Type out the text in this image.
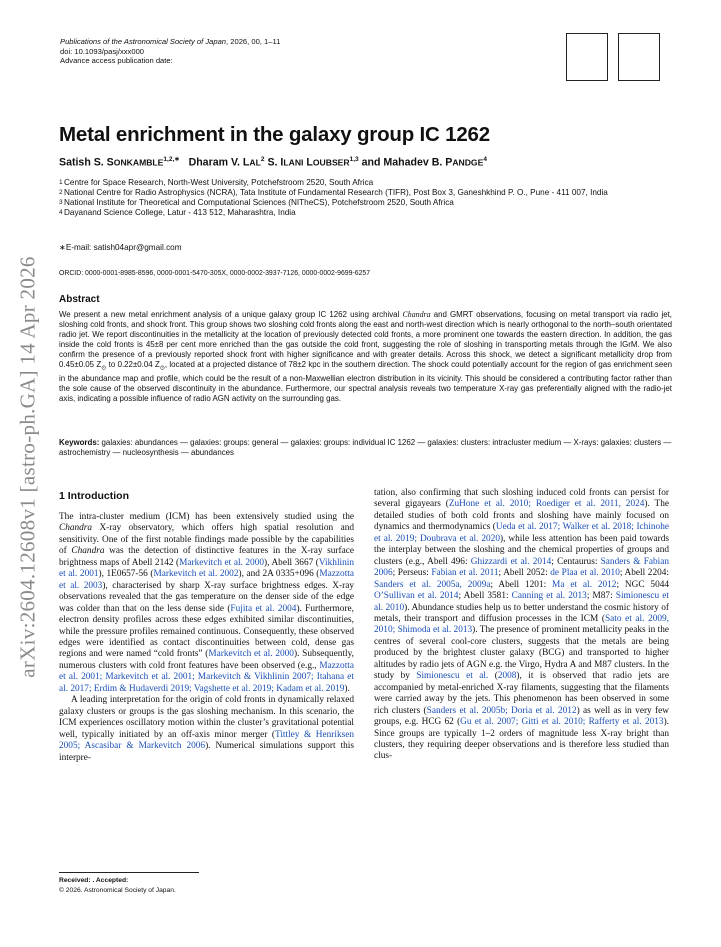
Publications of the Astronomical Society of Japan, 2026, 00, 1–11
doi: 10.1093/pasj/xxx000
Advance access publication date:
arXiv:2604.12608v1 [astro-ph.GA] 14 Apr 2026
Metal enrichment in the galaxy group IC 1262
Satish S. $SONKAMBLE^{1,2,∗}$ Dharam V. LAL$^2$ S. ILANI LOUBSER$^{1,3}$ and Mahadev B. PANDGE$^4$
1 Centre for Space Research, North-West University, Potchefstroom 2520, South Africa
2 National Centre for Radio Astrophysics (NCRA), Tata Institute of Fundamental Research (TIFR), Post Box 3, Ganeshkhind P. O., Pune - 411 007, India
3 National Institute for Theoretical and Computational Sciences (NITheCS), Potchefstroom 2520, South Africa
4 Dayanand Science College, Latur - 413 512, Maharashtra, India
∗E-mail: satish04apr@gmail.com
ORCID: 0000-0001-8985-8596, 0000-0001-5470-305X, 0000-0002-3937-7126, 0000-0002-9699-6257
Abstract
We present a new metal enrichment analysis of a unique galaxy group IC 1262 using archival Chandra and GMRT observations, focusing on metal transport via radio jet, sloshing cold fronts, and shock front. This group shows two sloshing cold fronts along the east and north-west direction which is nearly orthogonal to the north–south orientated radio jet. We report discontinuities in the metallicity at the location of previously detected cold fronts, a more prominent one towards the eastern direction. In addition, the gas inside the cold fronts is 45±8 per cent more enriched than the gas outside the cold front, suggesting the role of sloshing in transporting metals through the IGrM. We also confirm the presence of a previously reported shock front with higher significance and with greater details. Across this shock, we detect a significant metallicity drop from 0.45±0.05 $Z_⊙$ to 0.22±0.04 $Z_⊙$, located at a projected distance of 78±2 kpc in the southern direction. The shock could potentially account for the region of gas enrichment seen in the abundance map and profile, which could be the result of a non-Maxwellian electron distribution in its vicinity. This should be considered a contributing factor rather than the sole cause of the observed discontinuity in the abundance. Furthermore, our spectral analysis reveals two temperature X-ray gas preferentially aligned with the radio-jet axis, indicating a possible influence of radio AGN activity on the surrounding gas.
Keywords: galaxies: abundances — galaxies: groups: general — galaxies: groups: individual IC 1262 — galaxies: clusters: intracluster medium — X-rays: galaxies: clusters — astrochemistry — nucleosynthesis — abundances
1 Introduction

The intra-cluster medium (ICM) has been extensively studied using the Chandra X-ray observatory, which offers high spatial resolution and sensitivity. One of the first notable findings made possible by the capabilities of Chandra was the detection of distinctive features in the X-ray surface brightness maps of Abell 2142 (Markevitch et al. 2000), Abell 3667 (Vikhlinin et al. 2001), 1E0657-56 (Markevitch et al. 2002), and 2A 0335+096 (Mazzotta et al. 2003), characterised by sharp X-ray surface brightness edges. X-ray observations revealed that the gas temperature on the denser side of the edge was colder than that on the less dense side (Fujita et al. 2004). Furthermore, electron density profiles across these edges exhibited similar discontinuities, while the pressure profiles remained continuous. Consequently, these observed edges were identified as contact discontinuities between cold, dense gas regions and were named “cold fronts” (Markevitch et al. 2000). Subsequently, numerous clusters with cold front features have been observed (e.g., Mazzotta et al. 2001; Markevitch et al. 2001; Markevitch & Vikhlinin 2007; Itahana et al. 2017; Erdim & Hudaverdi 2019; Vagshette et al. 2019; Kadam et al. 2019).

A leading interpretation for the origin of cold fronts in dynamically relaxed galaxy clusters or groups is the gas sloshing mechanism. In this scenario, the ICM experiences oscillatory motion within the cluster’s gravitational potential well, typically initiated by an off-axis minor merger (Tittley & Henriksen 2005; Ascasibar & Markevitch 2006). Numerical simulations support this interpre-

tation, also confirming that such sloshing induced cold fronts can persist for several gigayears (ZuHone et al. 2010; Roediger et al. 2011, 2024). The detailed studies of both cold fronts and sloshing have mainly focused on dynamics and thermodynamics (Ueda et al. 2017; Walker et al. 2018; Ichinohe et al. 2019; Doubrava et al. 2020), while less attention has been paid towards the interplay between the sloshing and the chemical properties of groups and clusters (e.g., Abell 496: Ghizzardi et al. 2014; Centaurus: Sanders & Fabian 2006; Perseus: Fabian et al. 2011; Abell 2052: de Plaa et al. 2010; Abell 2204: Sanders et al. 2005a, 2009a; Abell 1201: Ma et al. 2012; NGC 5044 O’Sullivan et al. 2014; Abell 3581: Canning et al. 2013; M87: Simionescu et al. 2010). Abundance studies help us to better understand the cosmic history of metals, their transport and diffusion processes in the ICM (Sato et al. 2009, 2010; Shimoda et al. 2013). The presence of prominent metallicity peaks in the centres of several cool-core clusters, suggests that the metals are being produced by the brightest cluster galaxy (BCG) and transported to higher altitudes by radio jets of AGN e.g. the Virgo, Hydra A and M87 clusters. In the study by Simionescu et al. (2008), it is observed that radio jets are accompanied by metal-enriched X-ray filaments, suggesting that the filaments were carried away by the jets. This phenomenon has been observed in some rich clusters (Sanders et al. 2005b; Doria et al. 2012) as well as in very few groups, e.g. HCG 62 (Gu et al. 2007; Gitti et al. 2010; Rafferty et al. 2013). Since groups are typically 1–2 orders of magnitude less X-ray bright than clusters, they requiring deeper observations and is therefore less studied than clus-

Received: . Accepted:
© 2026. Astronomical Society of Japan.
